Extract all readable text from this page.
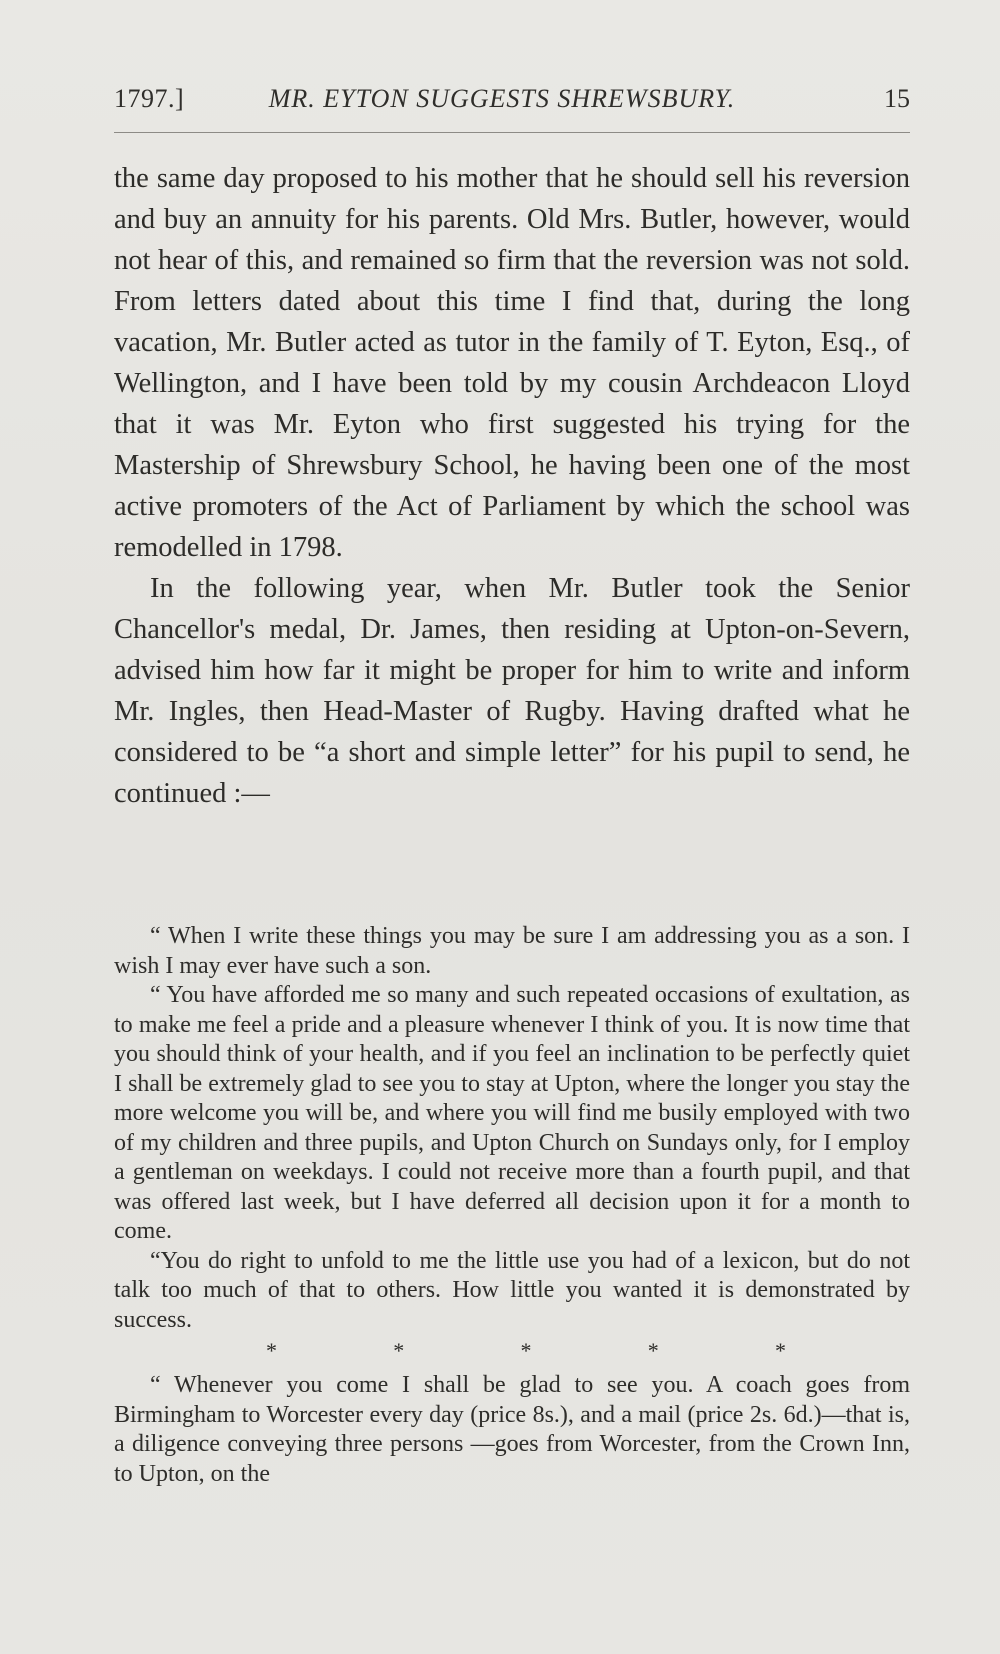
1797.]	MR. EYTON SUGGESTS SHREWSBURY.	15

the same day proposed to his mother that he should sell his reversion and buy an annuity for his parents. Old Mrs. Butler, however, would not hear of this, and remained so firm that the reversion was not sold. From letters dated about this time I find that, during the long vacation, Mr. Butler acted as tutor in the family of T. Eyton, Esq., of Wellington, and I have been told by my cousin Archdeacon Lloyd that it was Mr. Eyton who first suggested his trying for the Mastership of Shrewsbury School, he having been one of the most active promoters of the Act of Parliament by which the school was remodelled in 1798.

In the following year, when Mr. Butler took the Senior Chancellor's medal, Dr. James, then residing at Upton-on-Severn, advised him how far it might be proper for him to write and inform Mr. Ingles, then Head-Master of Rugby. Having drafted what he considered to be “a short and simple letter” for his pupil to send, he continued :—

“ When I write these things you may be sure I am addressing you as a son. I wish I may ever have such a son.

“ You have afforded me so many and such repeated occasions of exultation, as to make me feel a pride and a pleasure whenever I think of you. It is now time that you should think of your health, and if you feel an inclination to be perfectly quiet I shall be extremely glad to see you to stay at Upton, where the longer you stay the more welcome you will be, and where you will find me busily employed with two of my children and three pupils, and Upton Church on Sundays only, for I employ a gentleman on weekdays. I could not receive more than a fourth pupil, and that was offered last week, but I have deferred all decision upon it for a month to come.

“You do right to unfold to me the little use you had of a lexicon, but do not talk too much of that to others. How little you wanted it is demonstrated by success.

*	*	*	*	*

“ Whenever you come I shall be glad to see you. A coach goes from Birmingham to Worcester every day (price 8s.), and a mail (price 2s. 6d.)—that is, a diligence conveying three persons —goes from Worcester, from the Crown Inn, to Upton, on the
